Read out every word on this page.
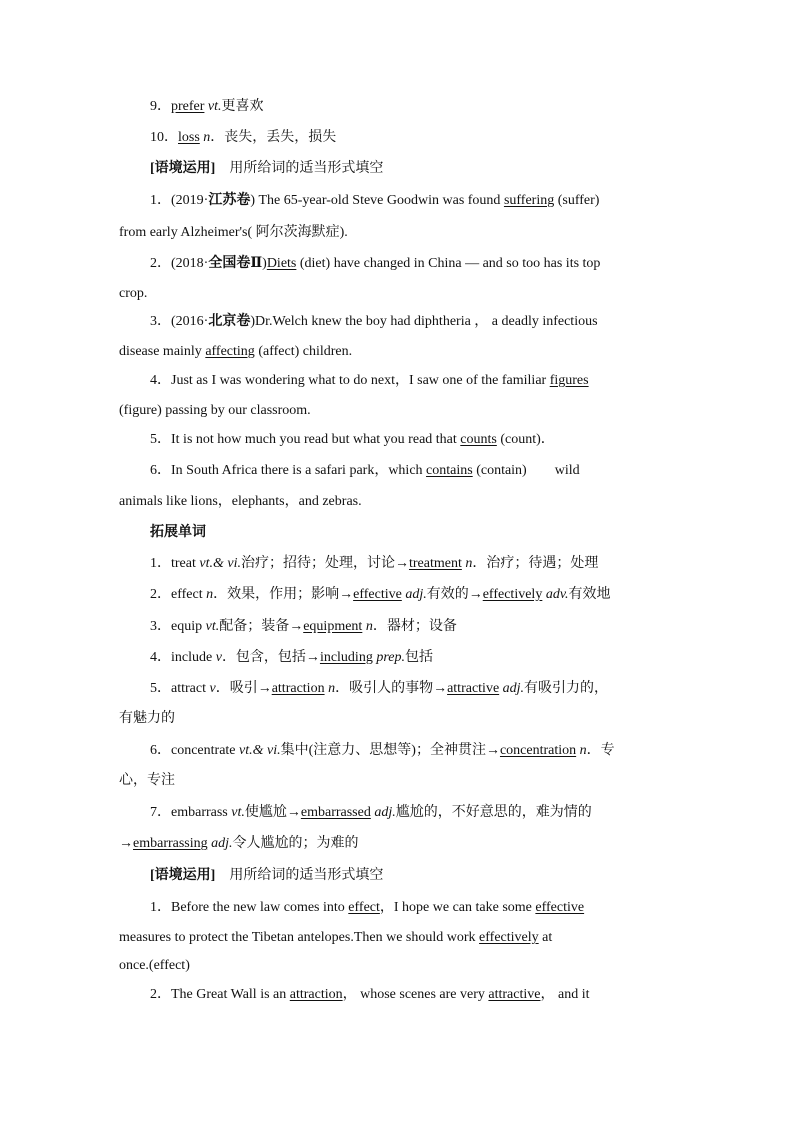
9．prefer vt.更喜欢
10．loss n．丧失，丢失，损失
[语境运用]　用所给词的适当形式填空
1．(2019·江苏卷) The 65-year-old Steve Goodwin was found suffering (suffer)
from early Alzheimer's( 阿尔茨海默症).
2．(2018·全国卷Ⅱ)Diets (diet) have changed in China — and so too has its top
crop.
3．(2016·北京卷)Dr.Welch knew the boy had diphtheria ， a deadly infectious
disease mainly affecting (affect) children.
4．Just as I was wondering what to do next，I saw one of the familiar figures
(figure) passing by our classroom.
5．It is not how much you read but what you read that counts (count)．
6．In South Africa there is a safari park，which contains (contain)　　wild
animals like lions，elephants，and zebras.
拓展单词
1．treat vt.& vi.治疗；招待；处理，讨论→treatment n．治疗；待遇；处理
2．effect n．效果，作用；影响→effective adj.有效的→effectively adv.有效地
3．equip vt.配备；装备→equipment n．器材；设备
4．include v．包含，包括→including prep.包括
5．attract v．吸引→attraction n．吸引人的事物→attractive adj.有吸引力的，
有魅力的
6．concentrate vt.& vi.集中(注意力、思想等)；全神贯注→concentration n．专
心，专注
7．embarrass vt.使尴尬→embarrassed adj.尴尬的，不好意思的，难为情的
→embarrassing adj.令人尴尬的；为难的
[语境运用]　用所给词的适当形式填空
1．Before the new law comes into effect，I hope we can take some effective
measures to protect the Tibetan antelopes.Then we should work effectively at
once.(effect)
2．The Great Wall is an attraction， whose scenes are very attractive， and it
